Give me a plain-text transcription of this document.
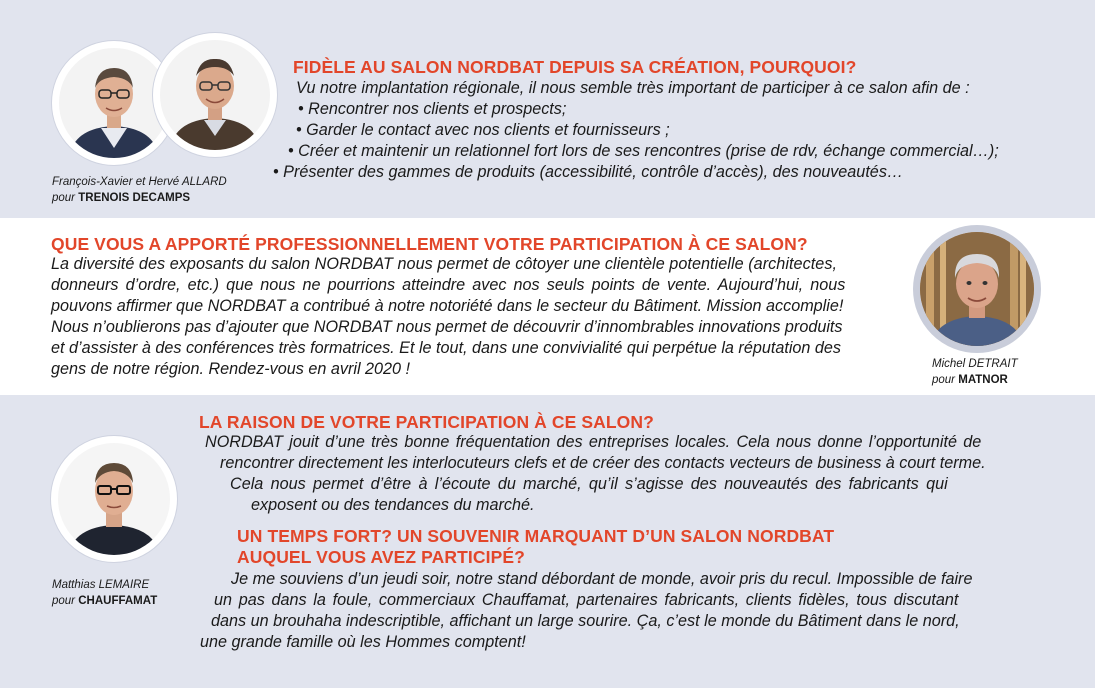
François-Xavier et Hervé ALLARD
pour TRENOIS DECAMPS
FIDÈLE AU SALON NORDBAT DEPUIS SA CRÉATION, POURQUOI?
Vu notre implantation régionale, il nous semble très important de participer à ce salon afin de :
• Rencontrer nos clients et prospects;
• Garder le contact avec nos clients et fournisseurs ;
• Créer et maintenir un relationnel fort lors de ses rencontres (prise de rdv, échange commercial…);
• Présenter des gammes de produits (accessibilité, contrôle d’accès), des nouveautés…
QUE VOUS A APPORTÉ PROFESSIONNELLEMENT VOTRE PARTICIPATION À CE SALON?
La diversité des exposants du salon NORDBAT nous permet de côtoyer une clientèle potentielle (architectes,
donneurs d’ordre, etc.) que nous ne pourrions atteindre avec nos seuls points de vente. Aujourd’hui, nous
pouvons affirmer que NORDBAT a contribué à notre notoriété dans le secteur du Bâtiment. Mission accomplie!
Nous n’oublierons pas d’ajouter que NORDBAT nous permet de découvrir d’innombrables innovations produits
et d’assister à des conférences très formatrices. Et le tout, dans une convivialité qui perpétue la réputation des
gens de notre région. Rendez-vous en avril 2020 !	Michel DETRAIT
pour MATNOR
Matthias LEMAIRE
pour CHAUFFAMAT
LA RAISON DE VOTRE PARTICIPATION À CE SALON?
NORDBAT jouit d’une très bonne fréquentation des entreprises locales. Cela nous donne l’opportunité de
rencontrer directement les interlocuteurs clefs et de créer des contacts vecteurs de business à court terme.
Cela nous permet d’être à l’écoute du marché, qu’il s’agisse des nouveautés des fabricants qui
exposent ou des tendances du marché.
UN TEMPS FORT? UN SOUVENIR MARQUANT D’UN SALON NORDBAT
AUQUEL VOUS AVEZ PARTICIPÉ?
Je me souviens d’un jeudi soir, notre stand débordant de monde, avoir pris du recul. Impossible de faire
un pas dans la foule, commerciaux Chauffamat, partenaires fabricants, clients fidèles, tous discutant
dans un brouhaha indescriptible, affichant un large sourire. Ça, c’est le monde du Bâtiment dans le nord,
une grande famille où les Hommes comptent!
